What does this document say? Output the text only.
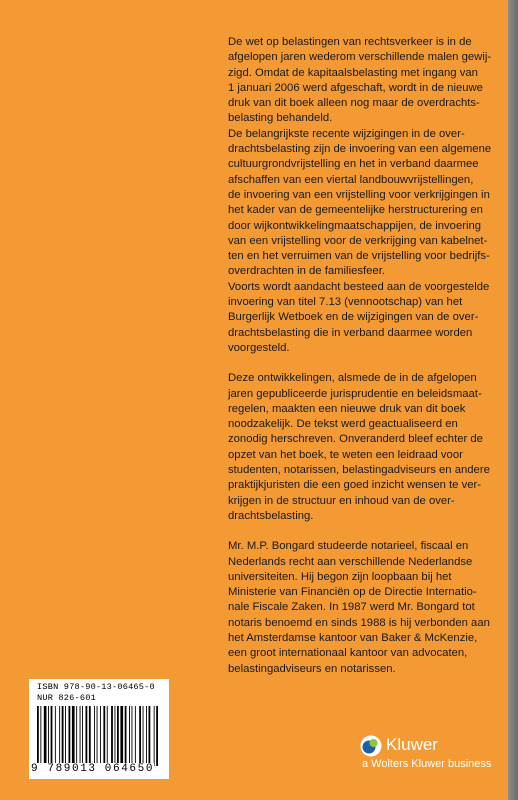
De wet op belastingen van rechtsverkeer is in de
afgelopen jaren wederom verschillende malen gewij-
zigd. Omdat de kapitaalsbelasting met ingang van
1 januari 2006 werd afgeschaft, wordt in de nieuwe
druk van dit boek alleen nog maar de overdrachts-
belasting behandeld.
De belangrijkste recente wijzigingen in de over-
drachtsbelasting zijn de invoering van een algemene
cultuurgrondvrijstelling en het in verband daarmee
afschaffen van een viertal landbouwvrijstellingen,
de invoering van een vrijstelling voor verkrijgingen in
het kader van de gemeentelijke herstructurering en
door wijkontwikkelingmaatschappijen, de invoering
van een vrijstelling voor de verkrijging van kabelnet-
ten en het verruimen van de vrijstelling voor bedrijfs-
overdrachten in de familiesfeer.
Voorts wordt aandacht besteed aan de voorgestelde
invoering van titel 7.13 (vennootschap) van het
Burgerlijk Wetboek en de wijzigingen van de over-
drachtsbelasting die in verband daarmee worden
voorgesteld.

Deze ontwikkelingen, alsmede de in de afgelopen
jaren gepubliceerde jurisprudentie en beleidsmaat-
regelen, maakten een nieuwe druk van dit boek
noodzakelijk. De tekst werd geactualiseerd en
zonodig herschreven. Onveranderd bleef echter de
opzet van het boek, te weten een leidraad voor
studenten, notarissen, belastingadviseurs en andere
praktijkjuristen die een goed inzicht wensen te ver-
krijgen in de structuur en inhoud van de over-
drachtsbelasting.

Mr. M.P. Bongard studeerde notarieel, fiscaal en
Nederlands recht aan verschillende Nederlandse
universiteiten. Hij begon zijn loopbaan bij het
Ministerie van Financiën op de Directie Internatio-
nale Fiscale Zaken. In 1987 werd Mr. Bongard tot
notaris benoemd en sinds 1988 is hij verbonden aan
het Amsterdamse kantoor van Baker & McKenzie,
een groot internationaal kantoor van advocaten,
belastingadviseurs en notarissen.

ISBN 978-90-13-06465-0
NUR 826-601
9 789013 064650
Kluwer
a Wolters Kluwer business
